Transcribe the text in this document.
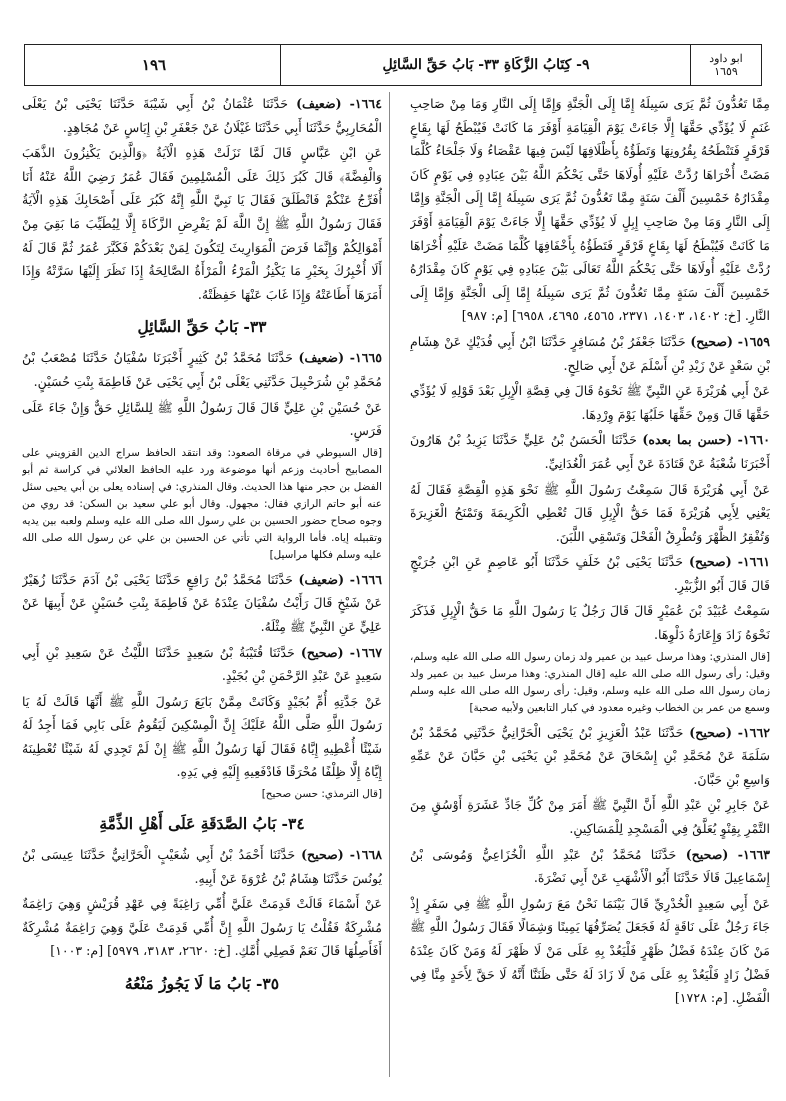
ابو داود
١٦٥٩
٩- كِتَابُ الزَّكَاةِ ٣٣- بَابُ حَقِّ السَّائِلِ
١٩٦

مِمَّا تَعُدُّونَ ثُمَّ يَرَى سَبِيلَهُ إِمَّا إِلَى الْجَنَّةِ وَإِمَّا إِلَى النَّارِ وَمَا مِنْ صَاحِبِ غَنَمٍ لَا يُؤَدِّي حَقَّهَا إِلَّا جَاءَتْ يَوْمَ الْقِيَامَةِ أَوْفَرَ مَا كَانَتْ فَيُبْطَحُ لَهَا بِقَاعٍ قَرْقَرٍ فَتَنْطَحُهُ بِقُرُونِهَا وَتَطَؤُهُ بِأَظْلَافِهَا لَيْسَ فِيهَا عَقْصَاءُ وَلَا جَلْحَاءُ كُلَّمَا مَضَتْ أُخْرَاهَا رُدَّتْ عَلَيْهِ أُولَاهَا حَتَّى يَحْكُمَ اللَّهُ بَيْنَ عِبَادِهِ فِي يَوْمٍ كَانَ مِقْدَارُهُ خَمْسِينَ أَلْفَ سَنَةٍ مِمَّا تَعُدُّونَ ثُمَّ يَرَى سَبِيلَهُ إِمَّا إِلَى الْجَنَّةِ وَإِمَّا إِلَى النَّارِ وَمَا مِنْ صَاحِبِ إِبِلٍ لَا يُؤَدِّي حَقَّهَا إِلَّا جَاءَتْ يَوْمَ الْقِيَامَةِ أَوْفَرَ مَا كَانَتْ فَيُبْطَحُ لَهَا بِقَاعٍ قَرْقَرٍ فَتَطَؤُهُ بِأَخْفَافِهَا كُلَّمَا مَضَتْ عَلَيْهِ أُخْرَاهَا رُدَّتْ عَلَيْهِ أُولَاهَا حَتَّى يَحْكُمَ اللَّهُ تَعَالَى بَيْنَ عِبَادِهِ فِي يَوْمٍ كَانَ مِقْدَارُهُ خَمْسِينَ أَلْفَ سَنَةٍ مِمَّا تَعُدُّونَ ثُمَّ يَرَى سَبِيلَهُ إِمَّا إِلَى الْجَنَّةِ وَإِمَّا إِلَى النَّارِ. [خ: ١٤٠٢، ١٤٠٣، ٢٣٧١، ٤٥٦٥، ٤٦٩٥، ٦٩٥٨] [م: ٩٨٧]

١٦٥٩- (صحيح) حَدَّثَنَا جَعْفَرُ بْنُ مُسَافِرٍ حَدَّثَنَا ابْنُ أَبِي فُدَيْكٍ عَنْ هِشَامِ بْنِ سَعْدٍ عَنْ زَيْدِ بْنِ أَسْلَمَ عَنْ أَبِي صَالِحٍ.

عَنْ أَبِي هُرَيْرَةَ عَنِ النَّبِيِّ ﷺ نَحْوَهُ قَالَ فِي قِصَّةِ الْإِبِلِ بَعْدَ قَوْلِهِ لَا يُؤَدِّي حَقَّهَا قَالَ وَمِنْ حَقِّهَا حَلَبُهَا يَوْمَ وِرْدِهَا.

١٦٦٠- (حسن بما بعده) حَدَّثَنَا الْحَسَنُ بْنُ عَلِيٍّ حَدَّثَنَا يَزِيدُ بْنُ هَارُونَ أَخْبَرَنَا شُعْبَةُ عَنْ قَتَادَةَ عَنْ أَبِي عُمَرَ الْغُدَانِيِّ.

عَنْ أَبِي هُرَيْرَةَ قَالَ سَمِعْتُ رَسُولَ اللَّهِ ﷺ نَحْوَ هَذِهِ الْقِصَّةِ فَقَالَ لَهُ يَعْنِي لِأَبِي هُرَيْرَةَ فَمَا حَقُّ الْإِبِلِ قَالَ تُعْطِي الْكَرِيمَةَ وَتَمْنَحُ الْغَزِيرَةَ وَتُفْقِرُ الظَّهْرَ وَتُطْرِقُ الْفَحْلَ وَتَسْقِي اللَّبَنَ.

١٦٦١- (صحيح) حَدَّثَنَا يَحْيَى بْنُ خَلَفٍ حَدَّثَنَا أَبُو عَاصِمٍ عَنِ ابْنِ جُرَيْجٍ قَالَ قَالَ أَبُو الزُّبَيْرِ.

سَمِعْتُ عُبَيْدَ بْنَ عُمَيْرٍ قَالَ قَالَ رَجُلٌ يَا رَسُولَ اللَّهِ مَا حَقُّ الْإِبِلِ فَذَكَرَ نَحْوَهُ زَادَ وَإِعَارَةُ دَلْوِهَا.

[قال المنذري: وهذا مرسل عبيد بن عمير ولد زمان رسول الله صلى الله عليه وسلم، وقيل: رأى رسول الله صلى الله عليه [قال المنذري: وهذا مرسل عبيد بن عمير ولد زمان رسول الله صلى الله عليه وسلم، وقيل: رأى رسول الله صلى الله عليه وسلم وسمع من عمر بن الخطاب وغيره معدود في كبار التابعين ولأبيه صحبة]

١٦٦٢- (صحيح) حَدَّثَنَا عَبْدُ الْعَزِيزِ بْنُ يَحْيَى الْحَرَّانِيُّ حَدَّثَنِي مُحَمَّدُ بْنُ سَلَمَةَ عَنْ مُحَمَّدِ بْنِ إِسْحَاقَ عَنْ مُحَمَّدِ بْنِ يَحْيَى بْنِ حَبَّانَ عَنْ عَمِّهِ وَاسِعِ بْنِ حَبَّانَ.

عَنْ جَابِرِ بْنِ عَبْدِ اللَّهِ أَنَّ النَّبِيَّ ﷺ أَمَرَ مِنْ كُلِّ جَادِّ عَشَرَةِ أَوْسُقٍ مِنَ التَّمْرِ بِقِنْوٍ يُعَلَّقُ فِي الْمَسْجِدِ لِلْمَسَاكِينِ.

١٦٦٣- (صحيح) حَدَّثَنَا مُحَمَّدُ بْنُ عَبْدِ اللَّهِ الْخُزَاعِيُّ وَمُوسَى بْنُ إِسْمَاعِيلَ قَالَا حَدَّثَنَا أَبُو الْأَشْهَبِ عَنْ أَبِي نَضْرَةَ.

عَنْ أَبِي سَعِيدٍ الْخُدْرِيِّ قَالَ بَيْنَمَا نَحْنُ مَعَ رَسُولِ اللَّهِ ﷺ فِي سَفَرٍ إِذْ جَاءَ رَجُلٌ عَلَى نَاقَةٍ لَهُ فَجَعَلَ يُصَرِّفُهَا يَمِينًا وَشِمَالًا فَقَالَ رَسُولُ اللَّهِ ﷺ مَنْ كَانَ عِنْدَهُ فَضْلُ ظَهْرٍ فَلْيَعُدْ بِهِ عَلَى مَنْ لَا ظَهْرَ لَهُ وَمَنْ كَانَ عِنْدَهُ فَضْلُ زَادٍ فَلْيَعُدْ بِهِ عَلَى مَنْ لَا زَادَ لَهُ حَتَّى ظَنَنَّا أَنَّهُ لَا حَقَّ لِأَحَدٍ مِنَّا فِي الْفَضْلِ. [م: ١٧٢٨]

١٦٦٤- (ضعيف) حَدَّثَنَا عُثْمَانُ بْنُ أَبِي شَيْبَةَ حَدَّثَنَا يَحْيَى بْنُ يَعْلَى الْمُحَارِبِيُّ حَدَّثَنَا أَبِي حَدَّثَنَا غَيْلَانُ عَنْ جَعْفَرِ بْنِ إِيَاسٍ عَنْ مُجَاهِدٍ.

عَنِ ابْنِ عَبَّاسٍ قَالَ لَمَّا نَزَلَتْ هَذِهِ الْآيَةُ ﴿وَالَّذِينَ يَكْنِزُونَ الذَّهَبَ وَالْفِضَّةَ﴾ قَالَ كَبُرَ ذَلِكَ عَلَى الْمُسْلِمِينَ فَقَالَ عُمَرُ رَضِيَ اللَّهُ عَنْهُ أَنَا أُفَرِّجُ عَنْكُمْ فَانْطَلَقَ فَقَالَ يَا نَبِيَّ اللَّهِ إِنَّهُ كَبُرَ عَلَى أَصْحَابِكَ هَذِهِ الْآيَةُ فَقَالَ رَسُولُ اللَّهِ ﷺ إِنَّ اللَّهَ لَمْ يَفْرِضِ الزَّكَاةَ إِلَّا لِيُطَيِّبَ مَا بَقِيَ مِنْ أَمْوَالِكُمْ وَإِنَّمَا فَرَضَ الْمَوَارِيثَ لِتَكُونَ لِمَنْ بَعْدَكُمْ فَكَبَّرَ عُمَرُ ثُمَّ قَالَ لَهُ أَلَا أُخْبِرُكَ بِخَيْرِ مَا يَكْنِزُ الْمَرْءُ الْمَرْأَةُ الصَّالِحَةُ إِذَا نَظَرَ إِلَيْهَا سَرَّتْهُ وَإِذَا أَمَرَهَا أَطَاعَتْهُ وَإِذَا غَابَ عَنْهَا حَفِظَتْهُ.

٣٣- بَابُ حَقِّ السَّائِلِ

١٦٦٥- (ضعيف) حَدَّثَنَا مُحَمَّدُ بْنُ كَثِيرٍ أَخْبَرَنَا سُفْيَانُ حَدَّثَنَا مُصْعَبُ بْنُ مُحَمَّدِ بْنِ شُرَحْبِيلَ حَدَّثَنِي يَعْلَى بْنُ أَبِي يَحْيَى عَنْ فَاطِمَةَ بِنْتِ حُسَيْنٍ.

عَنْ حُسَيْنِ بْنِ عَلِيٍّ قَالَ قَالَ رَسُولُ اللَّهِ ﷺ لِلسَّائِلِ حَقٌّ وَإِنْ جَاءَ عَلَى فَرَسٍ.

[قال السيوطي في مرقاة الصعود: وقد انتقد الحافظ سراج الدين القزويني على المصابيح أحاديث وزعم أنها موضوعة ورد عليه الحافظ العلائي في كراسة ثم أبو الفضل بن حجر منها هذا الحديث. وقال المنذري: في إسناده يعلى بن أبي يحيى سئل عنه أبو حاتم الرازي فقال: مجهول. وقال أبو علي سعيد بن السكن: قد روي من وجوه صحاح حضور الحسين بن علي رسول الله صلى الله عليه وسلم ولعبه بين يديه وتقبيله إياه. فأما الرواية التي تأتي عن الحسين بن علي عن رسول الله صلى الله عليه وسلم فكلها مراسيل]

١٦٦٦- (ضعيف) حَدَّثَنَا مُحَمَّدُ بْنُ رَافِعٍ حَدَّثَنَا يَحْيَى بْنُ آدَمَ حَدَّثَنَا زُهَيْرٌ عَنْ شَيْخٍ قَالَ رَأَيْتُ سُفْيَانَ عِنْدَهُ عَنْ فَاطِمَةَ بِنْتِ حُسَيْنٍ عَنْ أَبِيهَا عَنْ عَلِيٍّ عَنِ النَّبِيِّ ﷺ مِثْلَهُ.

١٦٦٧- (صحيح) حَدَّثَنَا قُتَيْبَةُ بْنُ سَعِيدٍ حَدَّثَنَا اللَّيْثُ عَنْ سَعِيدِ بْنِ أَبِي سَعِيدٍ عَنْ عَبْدِ الرَّحْمَنِ بْنِ بُجَيْدٍ.

عَنْ جَدَّتِهِ أُمِّ بُجَيْدٍ وَكَانَتْ مِمَّنْ بَايَعَ رَسُولَ اللَّهِ ﷺ أَنَّهَا قَالَتْ لَهُ يَا رَسُولَ اللَّهِ صَلَّى اللَّهُ عَلَيْكَ إِنَّ الْمِسْكِينَ لَيَقُومُ عَلَى بَابِي فَمَا أَجِدُ لَهُ شَيْئًا أُعْطِيهِ إِيَّاهُ فَقَالَ لَهَا رَسُولُ اللَّهِ ﷺ إِنْ لَمْ تَجِدِي لَهُ شَيْئًا تُعْطِينَهُ إِيَّاهُ إِلَّا ظِلْفًا مُحْرَقًا فَادْفَعِيهِ إِلَيْهِ فِي يَدِهِ.

[قال الترمذي: حسن صحيح]

٣٤- بَابُ الصَّدَقَةِ عَلَى أَهْلِ الذِّمَّةِ

١٦٦٨- (صحيح) حَدَّثَنَا أَحْمَدُ بْنُ أَبِي شُعَيْبٍ الْحَرَّانِيُّ حَدَّثَنَا عِيسَى بْنُ يُونُسَ حَدَّثَنَا هِشَامُ بْنُ عُرْوَةَ عَنْ أَبِيهِ.

عَنْ أَسْمَاءَ قَالَتْ قَدِمَتْ عَلَيَّ أُمِّي رَاغِبَةً فِي عَهْدِ قُرَيْشٍ وَهِيَ رَاغِمَةٌ مُشْرِكَةٌ فَقُلْتُ يَا رَسُولَ اللَّهِ إِنَّ أُمِّي قَدِمَتْ عَلَيَّ وَهِيَ رَاغِمَةٌ مُشْرِكَةٌ أَفَأَصِلُهَا قَالَ نَعَمْ فَصِلِي أُمَّكِ. [خ: ٢٦٢٠، ٣١٨٣، ٥٩٧٩] [م: ١٠٠٣]

٣٥- بَابُ مَا لَا يَجُوزُ مَنْعُهُ
